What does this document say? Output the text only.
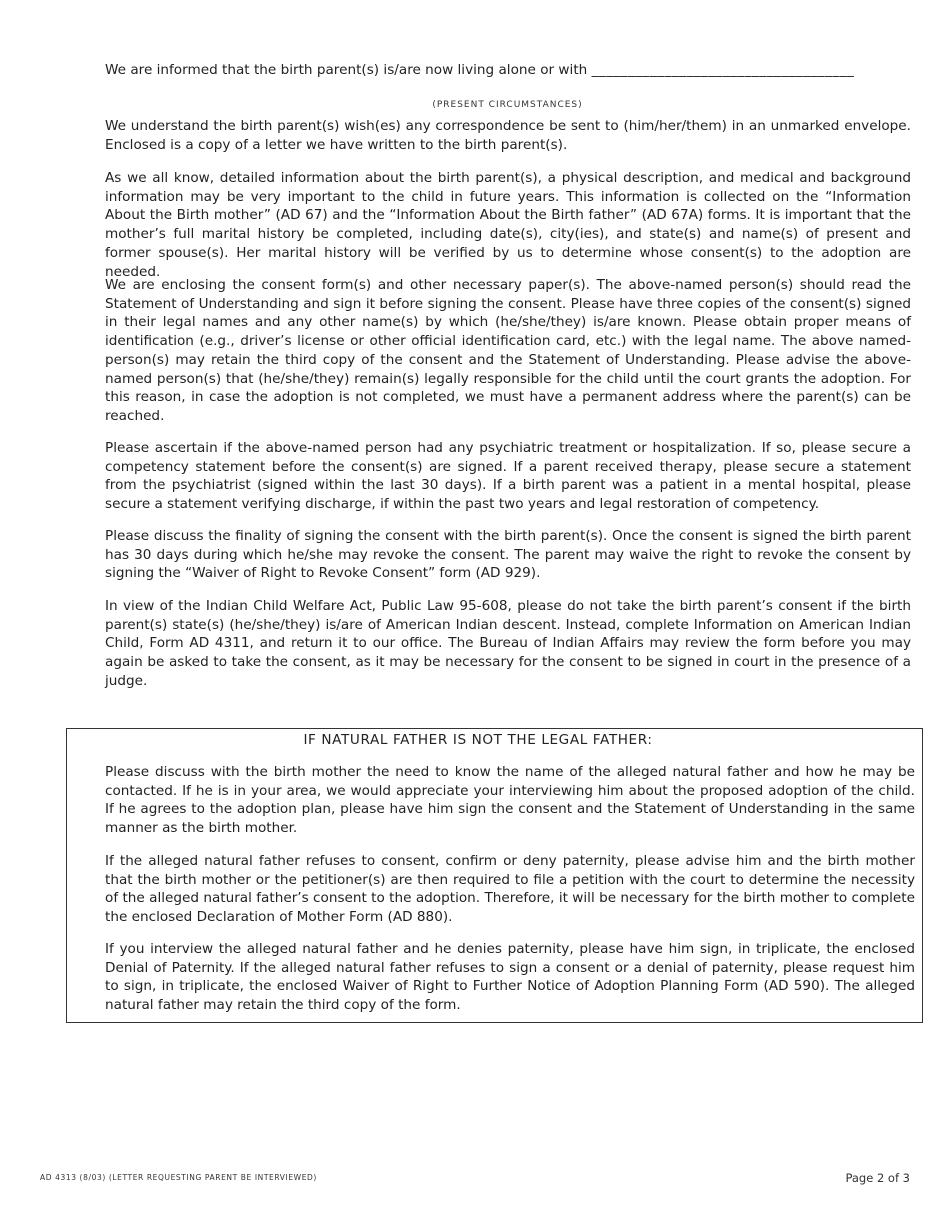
We are informed that the birth parent(s) is/are now living alone or with ____________________________________
(PRESENT CIRCUMSTANCES)

We understand the birth parent(s) wish(es) any correspondence be sent to (him/her/them) in an unmarked envelope. Enclosed is a copy of a letter we have written to the birth parent(s).

As we all know, detailed information about the birth parent(s), a physical description, and medical and background information may be very important to the child in future years. This information is collected on the “Information About the Birth mother” (AD 67) and the “Information About the Birth father” (AD 67A) forms. It is important that the mother’s full marital history be completed, including date(s), city(ies), and state(s) and name(s) of present and former spouse(s). Her marital history will be verified by us to determine whose consent(s) to the adoption are needed.

We are enclosing the consent form(s) and other necessary paper(s). The above-named person(s) should read the Statement of Understanding and sign it before signing the consent. Please have three copies of the consent(s) signed in their legal names and any other name(s) by which (he/she/they) is/are known. Please obtain proper means of identification (e.g., driver’s license or other official identification card, etc.) with the legal name. The above named-person(s) may retain the third copy of the consent and the Statement of Understanding. Please advise the above-named person(s) that (he/she/they) remain(s) legally responsible for the child until the court grants the adoption. For this reason, in case the adoption is not completed, we must have a permanent address where the parent(s) can be reached.

Please ascertain if the above-named person had any psychiatric treatment or hospitalization. If so, please secure a competency statement before the consent(s) are signed. If a parent received therapy, please secure a statement from the psychiatrist (signed within the last 30 days). If a birth parent was a patient in a mental hospital, please secure a statement verifying discharge, if within the past two years and legal restoration of competency.

Please discuss the finality of signing the consent with the birth parent(s). Once the consent is signed the birth parent has 30 days during which he/she may revoke the consent. The parent may waive the right to revoke the consent by signing the “Waiver of Right to Revoke Consent” form (AD 929).

In view of the Indian Child Welfare Act, Public Law 95-608, please do not take the birth parent’s consent if the birth parent(s) state(s) (he/she/they) is/are of American Indian descent. Instead, complete Information on American Indian Child, Form AD 4311, and return it to our office. The Bureau of Indian Affairs may review the form before you may again be asked to take the consent, as it may be necessary for the consent to be signed in court in the presence of a judge.

IF NATURAL FATHER IS NOT THE LEGAL FATHER:

Please discuss with the birth mother the need to know the name of the alleged natural father and how he may be contacted. If he is in your area, we would appreciate your interviewing him about the proposed adoption of the child. If he agrees to the adoption plan, please have him sign the consent and the Statement of Understanding in the same manner as the birth mother.

If the alleged natural father refuses to consent, confirm or deny paternity, please advise him and the birth mother that the birth mother or the petitioner(s) are then required to file a petition with the court to determine the necessity of the alleged natural father’s consent to the adoption. Therefore, it will be necessary for the birth mother to complete the enclosed Declaration of Mother Form (AD 880).

If you interview the alleged natural father and he denies paternity, please have him sign, in triplicate, the enclosed Denial of Paternity. If the alleged natural father refuses to sign a consent or a denial of paternity, please request him to sign, in triplicate, the enclosed Waiver of Right to Further Notice of Adoption Planning Form (AD 590). The alleged natural father may retain the third copy of the form.

AD 4313 (8/03) (LETTER REQUESTING PARENT BE INTERVIEWED)	Page 2 of 3
